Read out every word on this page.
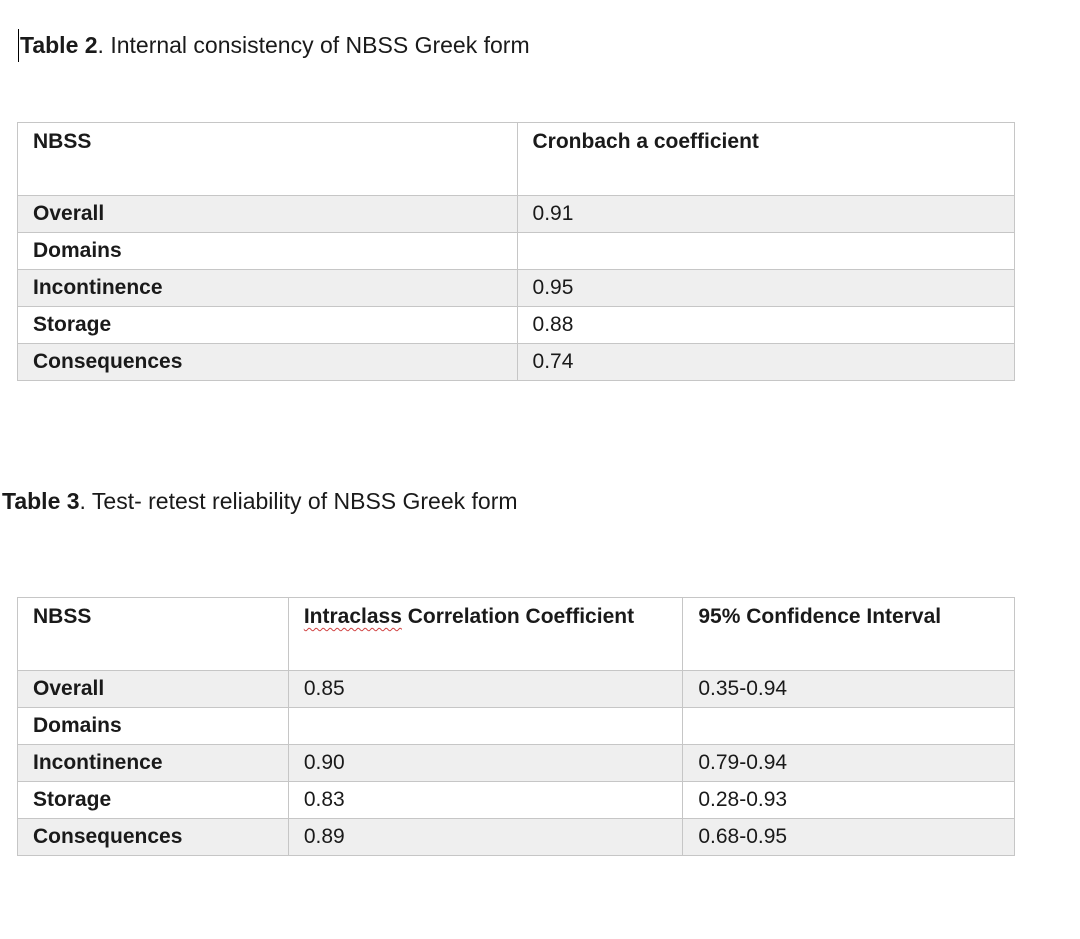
Table 2. Internal consistency of NBSS Greek form
NBSS	Cronbach a coefficient
Overall	0.91
Domains	
Incontinence	0.95
Storage	0.88
Consequences	0.74
Table 3. Test- retest reliability of NBSS Greek form
NBSS	Intraclass Correlation Coefficient	95% Confidence Interval
Overall	0.85	0.35-0.94
Domains		
Incontinence	0.90	0.79-0.94
Storage	0.83	0.28-0.93
Consequences	0.89	0.68-0.95
